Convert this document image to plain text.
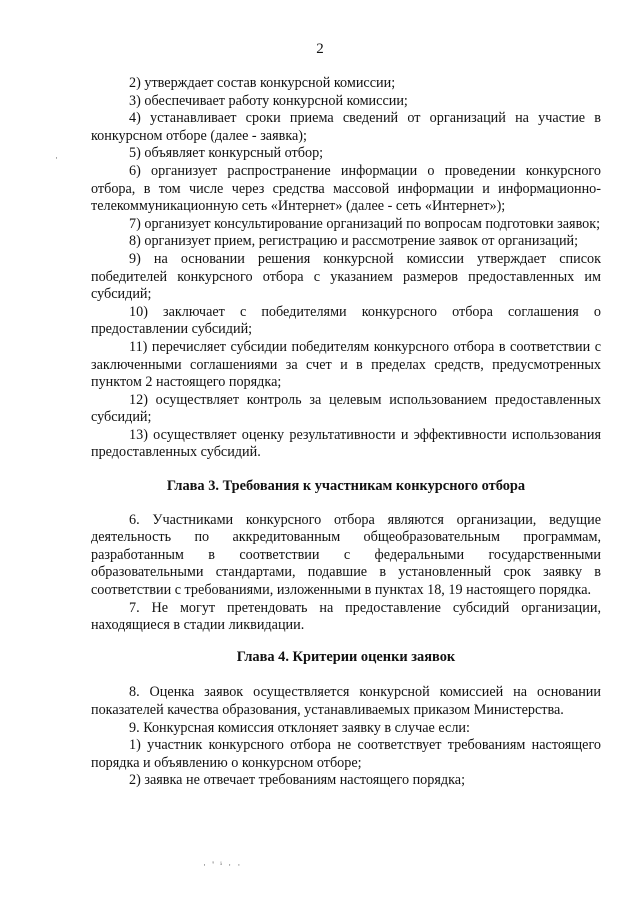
2

2) утверждает состав конкурсной комиссии;

3) обеспечивает работу конкурсной комиссии;

4) устанавливает сроки приема сведений от организаций на участие в конкурсном отборе (далее - заявка);

5) объявляет конкурсный отбор;

6) организует распространение информации о проведении конкурсного отбора, в том числе через средства массовой информации и информационно-телекоммуникационную сеть «Интернет» (далее - сеть «Интернет»);

7) организует консультирование организаций по вопросам подготовки заявок;

8) организует прием, регистрацию и рассмотрение заявок от организаций;

9) на основании решения конкурсной комиссии утверждает список победителей конкурсного отбора с указанием размеров предоставленных им субсидий;

10) заключает с победителями конкурсного отбора соглашения о предоставлении субсидий;

11) перечисляет субсидии победителям конкурсного отбора в соответствии с заключенными соглашениями за счет и в пределах средств, предусмотренных пунктом 2 настоящего порядка;

12) осуществляет контроль за целевым использованием предоставленных субсидий;

13) осуществляет оценку результативности и эффективности использования предоставленных субсидий.

Глава 3. Требования к участникам конкурсного отбора

6. Участниками конкурсного отбора являются организации, ведущие деятельность по аккредитованным общеобразовательным программам, разработанным в соответствии с федеральными государственными образовательными стандартами, подавшие в установленный срок заявку в соответствии с требованиями, изложенными в пунктах 18, 19 настоящего порядка.

7. Не могут претендовать на предоставление субсидий организации, находящиеся в стадии ликвидации.

Глава 4. Критерии оценки заявок

8. Оценка заявок осуществляется конкурсной комиссией на основании показателей качества образования, устанавливаемых приказом Министерства.

9. Конкурсная комиссия отклоняет заявку в случае если:

1) участник конкурсного отбора не соответствует требованиям настоящего порядка и объявлению о конкурсном отборе;

2) заявка не отвечает требованиям настоящего порядка;

·
· ' ⁱ · ·
